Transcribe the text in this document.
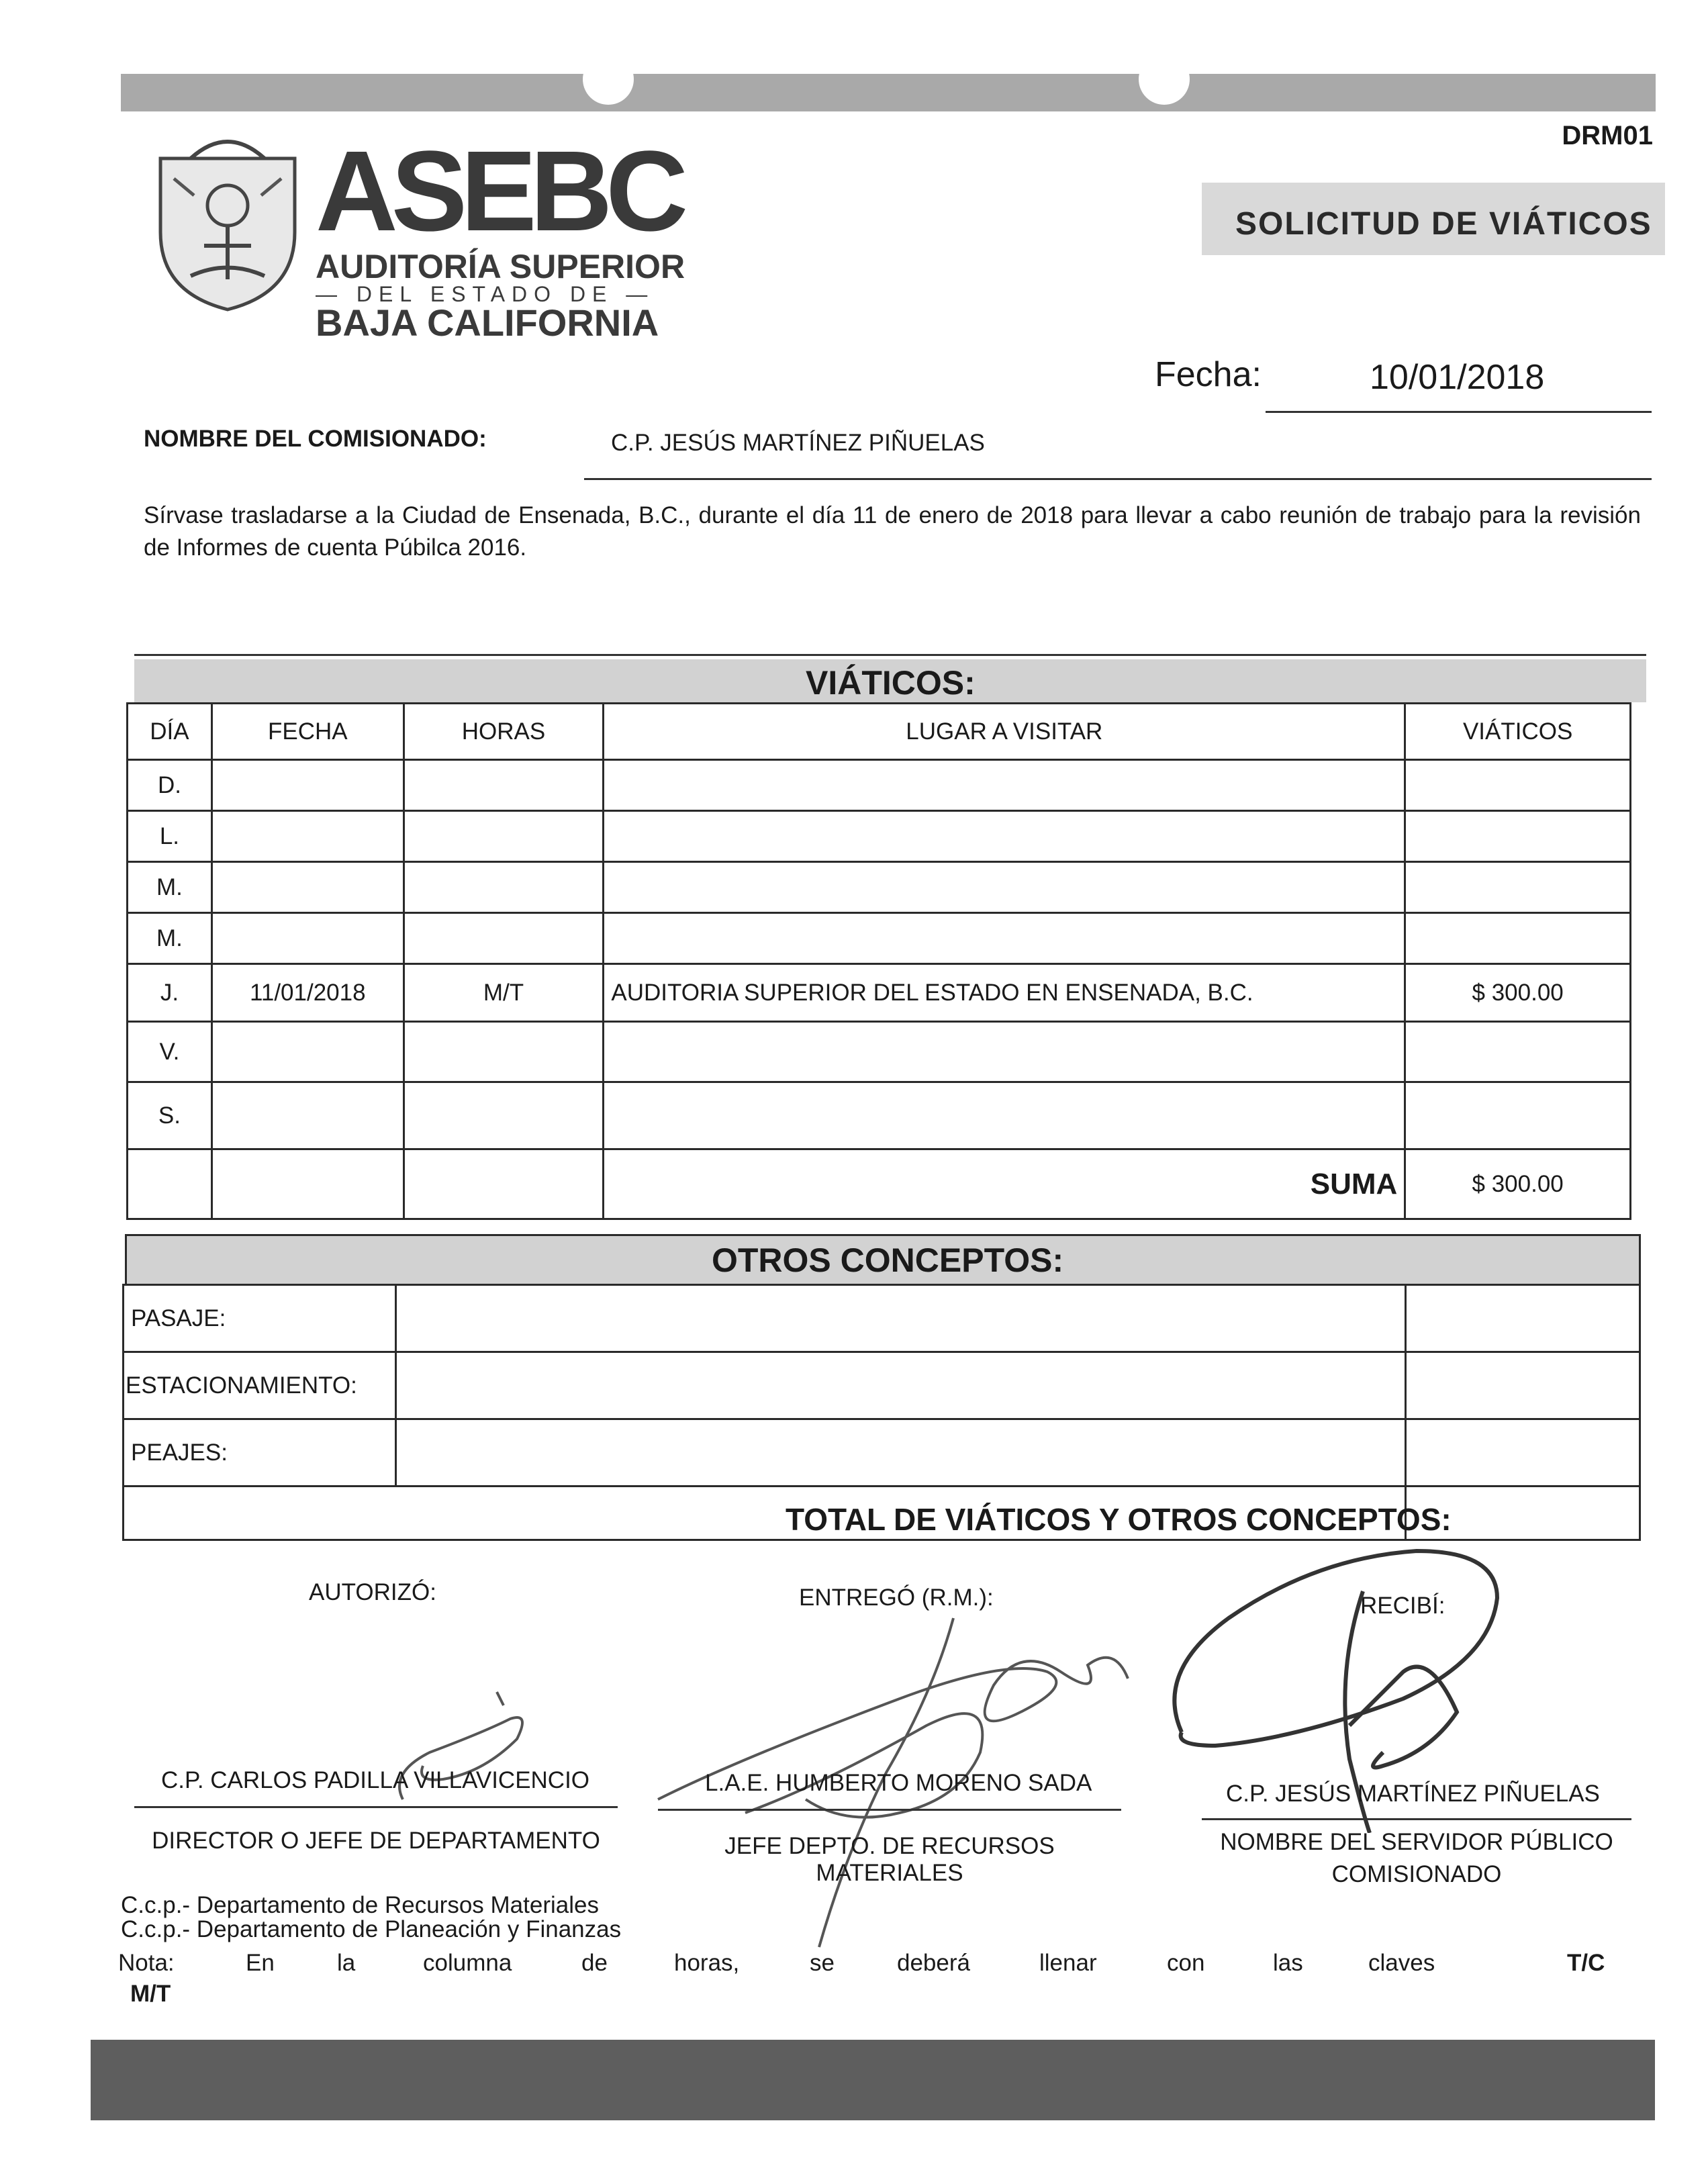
DRM01
SOLICITUD DE VIÁTICOS
ASEBC
AUDITORÍA SUPERIOR
— DEL ESTADO DE —
BAJA CALIFORNIA
Fecha:	10/01/2018
NOMBRE DEL COMISIONADO:	C.P. JESÚS MARTÍNEZ PIÑUELAS
Sírvase trasladarse a la Ciudad de Ensenada, B.C., durante el día 11 de enero de 2018 para llevar a cabo reunión de trabajo para la revisión de Informes de cuenta Púbilca 2016.
VIÁTICOS:
DÍA	FECHA	HORAS	LUGAR A VISITAR	VIÁTICOS
D.				
L.				
M.				
M.				
J.	11/01/2018	M/T	AUDITORIA SUPERIOR DEL ESTADO EN ENSENADA, B.C.	$ 300.00
V.				
S.				
			SUMA	$ 300.00
OTROS CONCEPTOS:
PASAJE:		
ESTACIONAMIENTO:		
PEAJES:		

TOTAL DE VIÁTICOS Y OTROS CONCEPTOS:
AUTORIZÓ:	ENTREGÓ (R.M.):	RECIBÍ:
C.P. CARLOS PADILLA VILLAVICENCIO
DIRECTOR O JEFE DE DEPARTAMENTO
L.A.E. HUMBERTO MORENO SADA
JEFE DEPTO. DE RECURSOS MATERIALES
C.P. JESÚS MARTÍNEZ PIÑUELAS
NOMBRE DEL SERVIDOR PÚBLICO COMISIONADO
C.c.p.- Departamento de Recursos Materiales
C.c.p.- Departamento de Planeación y Finanzas
Nota:	En	la	columna	de	horas,	se	deberá	llenar	con	las	claves	T/C
M/T
